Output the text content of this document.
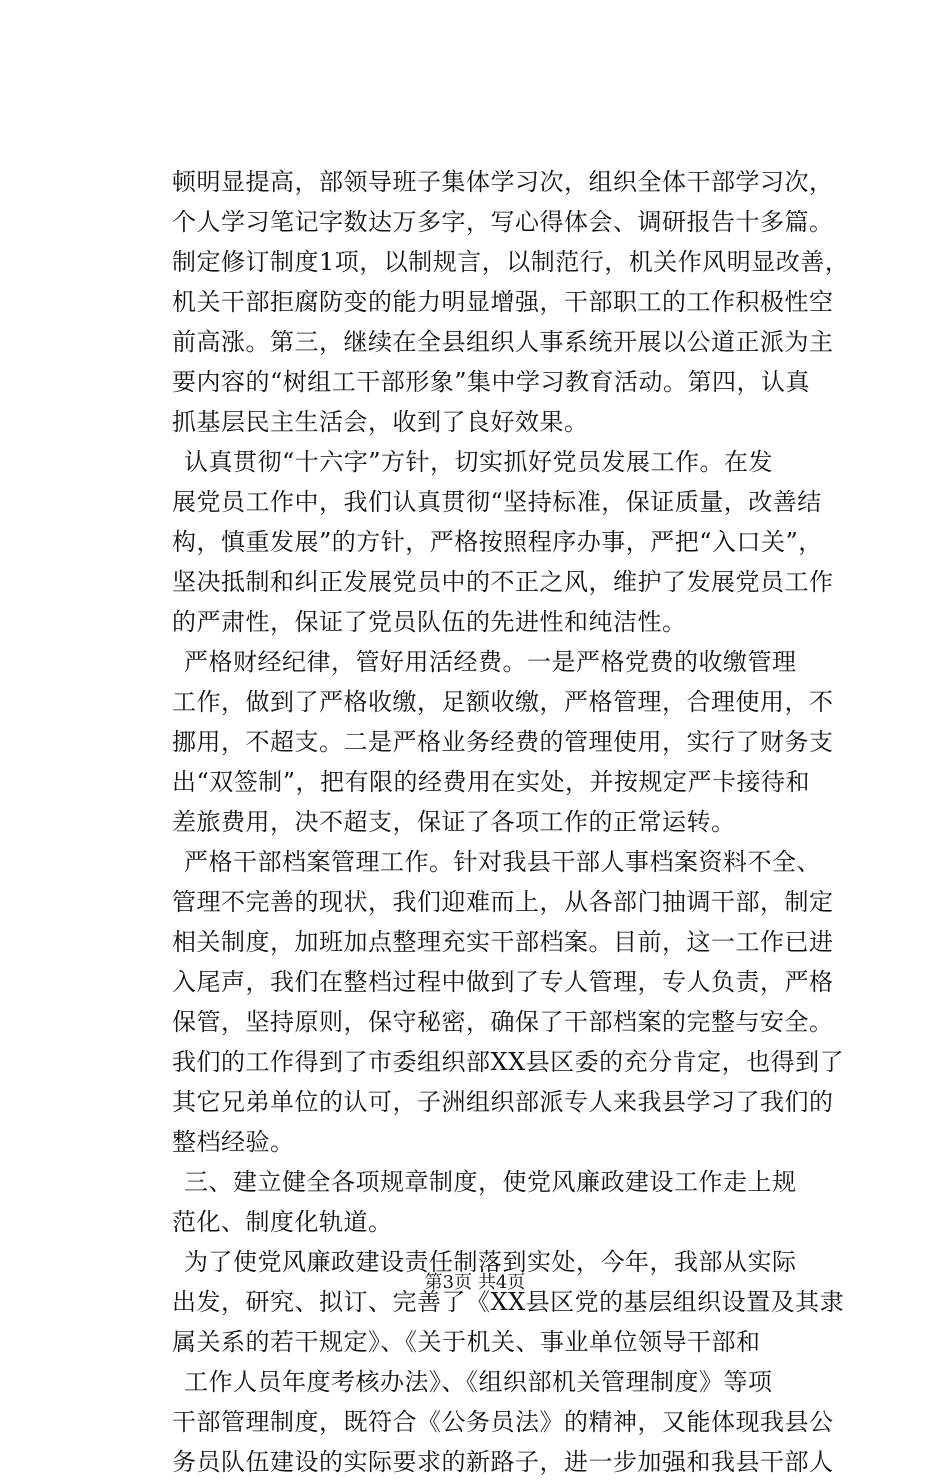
顿明显提高，部领导班子集体学习次，组织全体干部学习次，
个人学习笔记字数达万多字，写心得体会、调研报告十多篇。
制定修订制度1项，以制规言，以制范行，机关作风明显改善，
机关干部拒腐防变的能力明显增强，干部职工的工作积极性空
前高涨。第三，继续在全县组织人事系统开展以公道正派为主
要内容的“树组工干部形象”集中学习教育活动。第四，认真
抓基层民主生活会，收到了良好效果。
认真贯彻“十六字”方针，切实抓好党员发展工作。在发
展党员工作中，我们认真贯彻“坚持标准，保证质量，改善结
构，慎重发展”的方针，严格按照程序办事，严把“入口关”，
坚决抵制和纠正发展党员中的不正之风，维护了发展党员工作
的严肃性，保证了党员队伍的先进性和纯洁性。
严格财经纪律，管好用活经费。一是严格党费的收缴管理
工作，做到了严格收缴，足额收缴，严格管理，合理使用，不
挪用，不超支。二是严格业务经费的管理使用，实行了财务支
出“双签制”，把有限的经费用在实处，并按规定严卡接待和
差旅费用，决不超支，保证了各项工作的正常运转。
严格干部档案管理工作。针对我县干部人事档案资料不全、
管理不完善的现状，我们迎难而上，从各部门抽调干部，制定
相关制度，加班加点整理充实干部档案。目前，这一工作已进
入尾声，我们在整档过程中做到了专人管理，专人负责，严格
保管，坚持原则，保守秘密，确保了干部档案的完整与安全。
我们的工作得到了市委组织部XX县区委的充分肯定，也得到了
其它兄弟单位的认可，子洲组织部派专人来我县学习了我们的
整档经验。
三、建立健全各项规章制度，使党风廉政建设工作走上规
范化、制度化轨道。
为了使党风廉政建设责任制落到实处，今年，我部从实际
出发，研究、拟订、完善了《XX县区党的基层组织设置及其隶
属关系的若干规定》、《关于机关、事业单位领导干部和
工作人员年度考核办法》、《组织部机关管理制度》等项
干部管理制度，既符合《公务员法》的精神，又能体现我县公
务员队伍建设的实际要求的新路子，进一步加强和我县干部人
第3页 共4页
